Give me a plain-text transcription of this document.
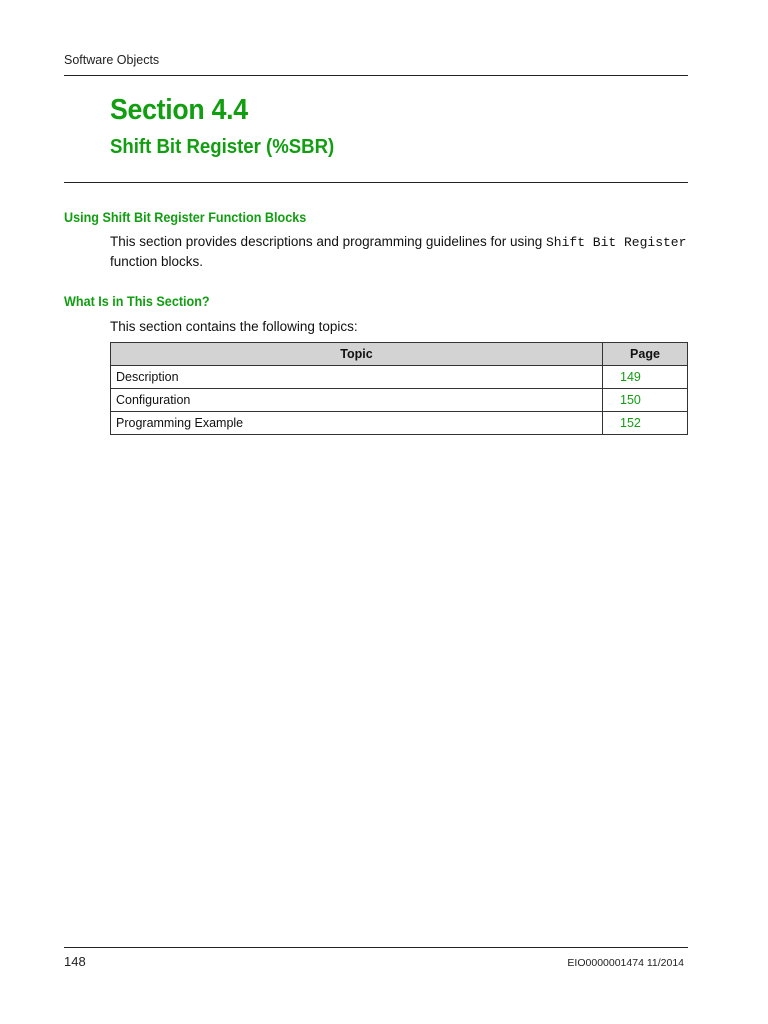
Software Objects
Section 4.4
Shift Bit Register (%SBR)
Using Shift Bit Register Function Blocks
This section provides descriptions and programming guidelines for using Shift Bit Register function blocks.
What Is in This Section?
This section contains the following topics:
Topic	Page
Description	149
Configuration	150
Programming Example	152
148	EIO0000001474 11/2014
